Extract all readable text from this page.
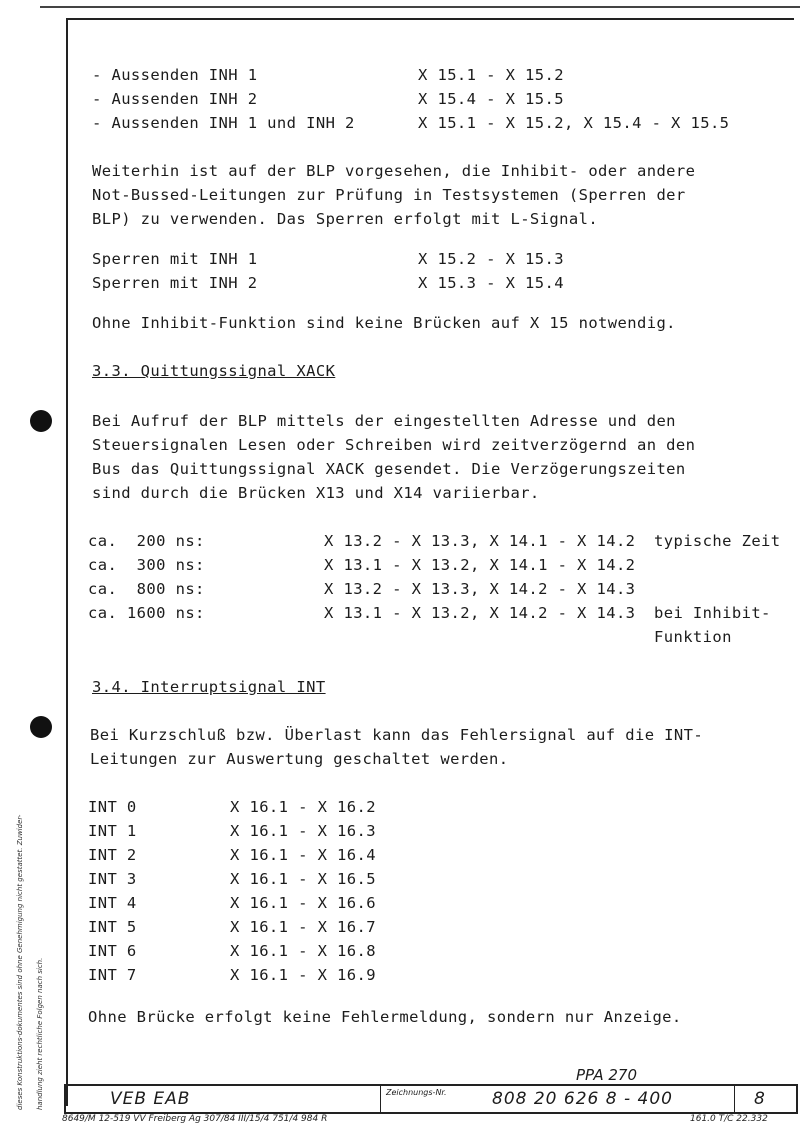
- Aussenden INH 1	X 15.1 - X 15.2
- Aussenden INH 2	X 15.4 - X 15.5
- Aussenden INH 1 und INH 2	X 15.1 - X 15.2, X 15.4 - X 15.5
Weiterhin ist auf der BLP vorgesehen, die Inhibit- oder andere
Not-Bussed-Leitungen zur Prüfung in Testsystemen (Sperren der
BLP) zu verwenden. Das Sperren erfolgt mit L-Signal.
Sperren mit INH 1	X 15.2 - X 15.3
Sperren mit INH 2	X 15.3 - X 15.4
Ohne Inhibit-Funktion sind keine Brücken auf X 15 notwendig.
3.3. Quittungssignal XACK
Bei Aufruf der BLP mittels der eingestellten Adresse und den
Steuersignalen Lesen oder Schreiben wird zeitverzögernd an den
Bus das Quittungssignal XACK gesendet. Die Verzögerungszeiten
sind durch die Brücken X13 und X14 variierbar.
ca.  200 ns:	X 13.2 - X 13.3, X 14.1 - X 14.2 typische Zeit
ca.  300 ns:	X 13.1 - X 13.2, X 14.1 - X 14.2
ca.  800 ns:	X 13.2 - X 13.3, X 14.2 - X 14.3
ca. 1600 ns:	X 13.1 - X 13.2, X 14.2 - X 14.3 bei Inhibit-
Funktion
3.4. Interruptsignal INT
Bei Kurzschluß bzw. Überlast kann das Fehlersignal auf die INT-
Leitungen zur Auswertung geschaltet werden.
INT 0	X 16.1 - X 16.2
INT 1	X 16.1 - X 16.3
INT 2	X 16.1 - X 16.4
INT 3	X 16.1 - X 16.5
INT 4	X 16.1 - X 16.6
INT 5	X 16.1 - X 16.7
INT 6	X 16.1 - X 16.8
INT 7	X 16.1 - X 16.9
Ohne Brücke erfolgt keine Fehlermeldung, sondern nur Anzeige.
dieses Konstruktions-dokumentes sind ohne Genehmigung nicht gestattet. Zuwider- handlung zieht rechtliche Folgen nach sich.	PPA 270
VEB EAB	Zeichnungs-Nr.	808 20 626 8 - 400	8
8649/M 12-519 VV Freiberg Ag 307/84 III/15/4 751/4 984 R	161.0 T/C 22.332
